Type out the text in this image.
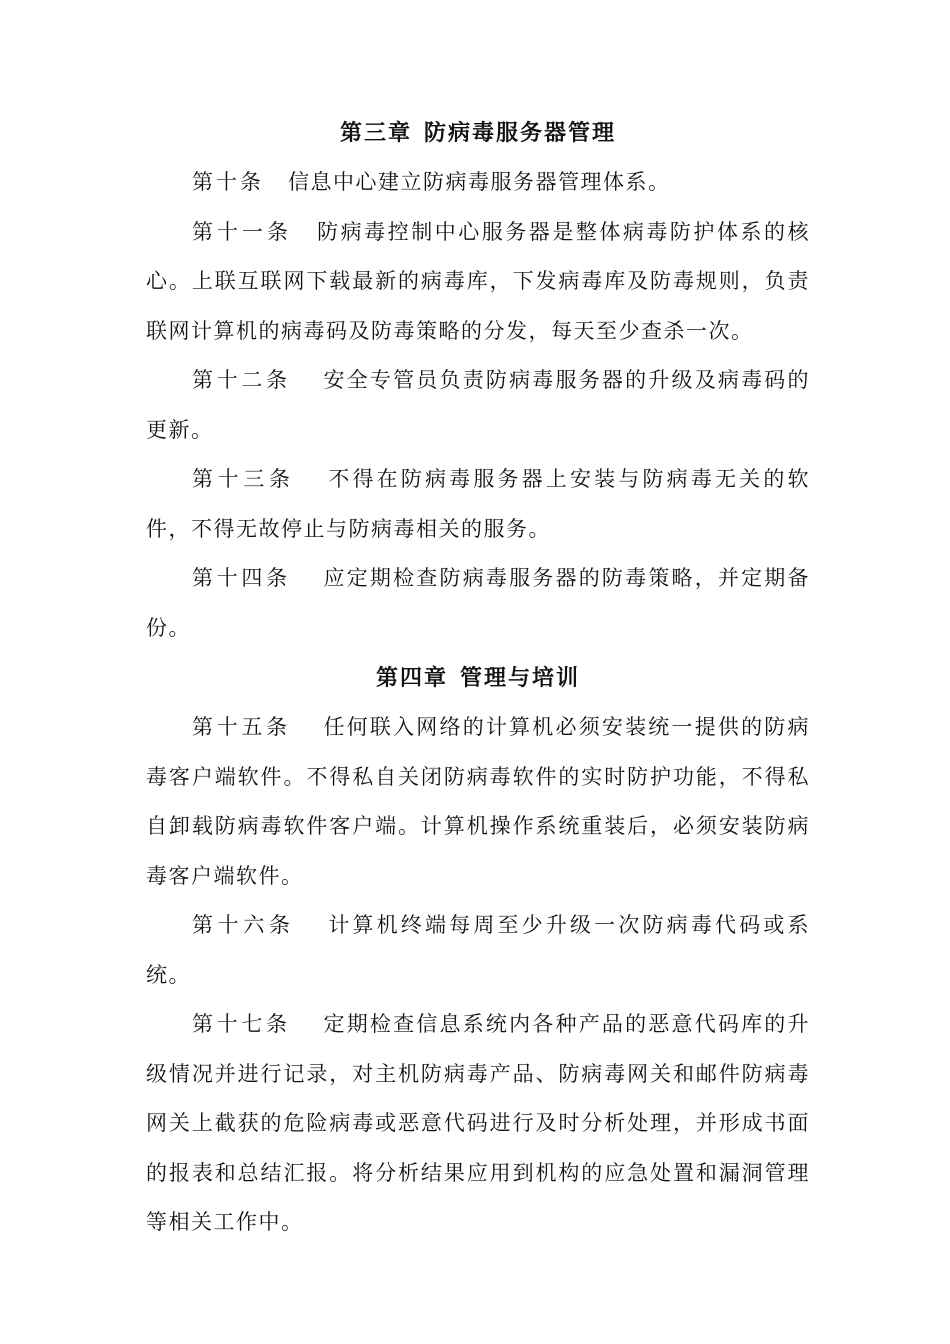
第三章 防病毒服务器管理

第十条 信息中心建立防病毒服务器管理体系。

第十一条 防病毒控制中心服务器是整体病毒防护体系的核心。上联互联网下载最新的病毒库，下发病毒库及防毒规则，负责联网计算机的病毒码及防毒策略的分发，每天至少查杀一次。

第十二条 安全专管员负责防病毒服务器的升级及病毒码的更新。

第十三条 不得在防病毒服务器上安装与防病毒无关的软件，不得无故停止与防病毒相关的服务。

第十四条 应定期检查防病毒服务器的防毒策略，并定期备份。

第四章 管理与培训

第十五条 任何联入网络的计算机必须安装统一提供的防病毒客户端软件。不得私自关闭防病毒软件的实时防护功能，不得私自卸载防病毒软件客户端。计算机操作系统重装后，必须安装防病毒客户端软件。

第十六条 计算机终端每周至少升级一次防病毒代码或系统。

第十七条 定期检查信息系统内各种产品的恶意代码库的升级情况并进行记录，对主机防病毒产品、防病毒网关和邮件防病毒网关上截获的危险病毒或恶意代码进行及时分析处理，并形成书面的报表和总结汇报。将分析结果应用到机构的应急处置和漏洞管理等相关工作中。
